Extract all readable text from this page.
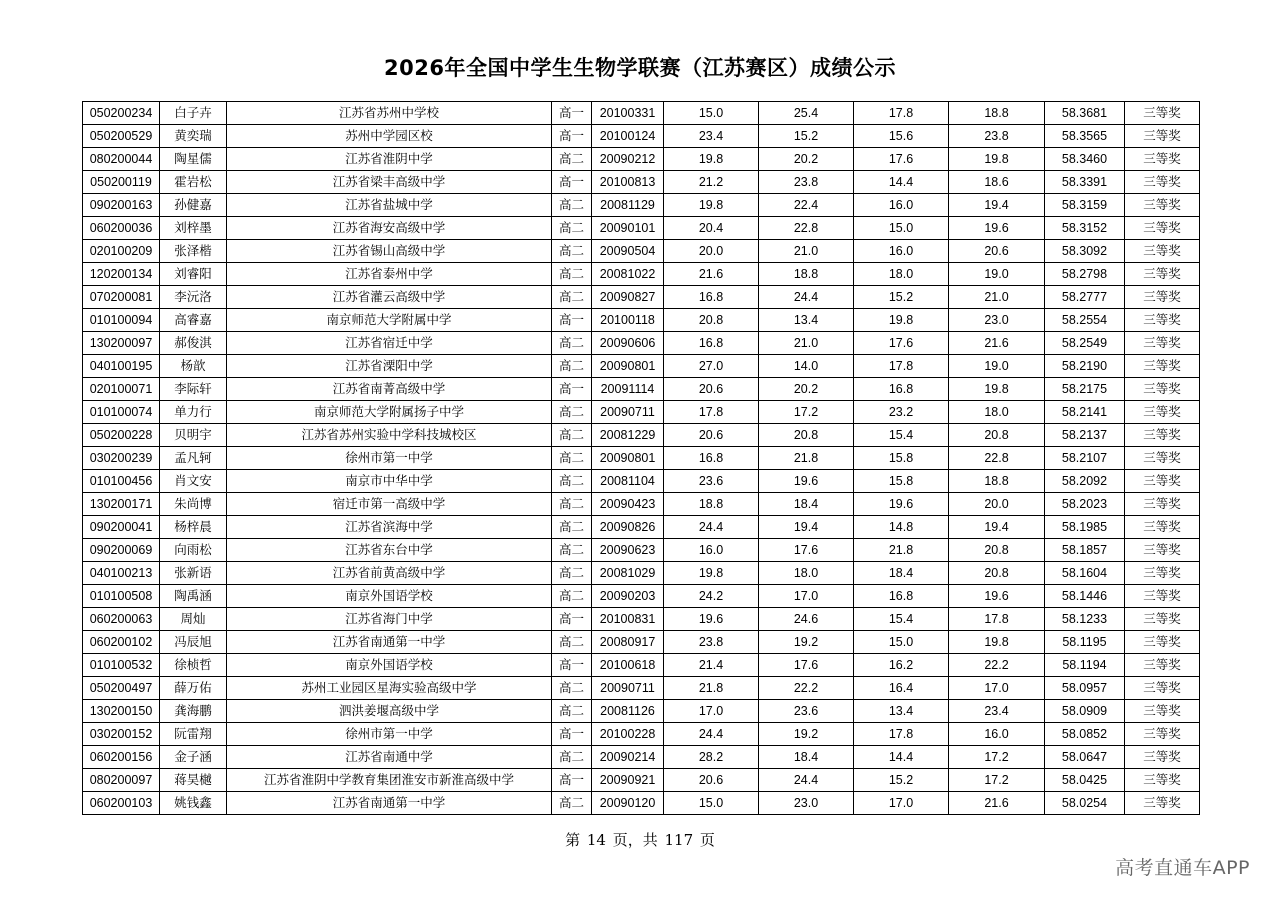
2026年全国中学生生物学联赛（江苏赛区）成绩公示
050200234	白子卉	江苏省苏州中学校	高一	20100331	15.0	25.4	17.8	18.8	58.3681	三等奖
050200529	黄奕瑞	苏州中学园区校	高一	20100124	23.4	15.2	15.6	23.8	58.3565	三等奖
080200044	陶星儒	江苏省淮阴中学	高二	20090212	19.8	20.2	17.6	19.8	58.3460	三等奖
050200119	霍岩松	江苏省梁丰高级中学	高一	20100813	21.2	23.8	14.4	18.6	58.3391	三等奖
090200163	孙健嘉	江苏省盐城中学	高二	20081129	19.8	22.4	16.0	19.4	58.3159	三等奖
060200036	刘梓墨	江苏省海安高级中学	高二	20090101	20.4	22.8	15.0	19.6	58.3152	三等奖
020100209	张泽楷	江苏省锡山高级中学	高二	20090504	20.0	21.0	16.0	20.6	58.3092	三等奖
120200134	刘睿阳	江苏省泰州中学	高二	20081022	21.6	18.8	18.0	19.0	58.2798	三等奖
070200081	李沅洛	江苏省灌云高级中学	高二	20090827	16.8	24.4	15.2	21.0	58.2777	三等奖
010100094	高睿嘉	南京师范大学附属中学	高一	20100118	20.8	13.4	19.8	23.0	58.2554	三等奖
130200097	郝俊淇	江苏省宿迁中学	高二	20090606	16.8	21.0	17.6	21.6	58.2549	三等奖
040100195	杨歆	江苏省溧阳中学	高二	20090801	27.0	14.0	17.8	19.0	58.2190	三等奖
020100071	李际轩	江苏省南菁高级中学	高一	20091114	20.6	20.2	16.8	19.8	58.2175	三等奖
010100074	单力行	南京师范大学附属扬子中学	高二	20090711	17.8	17.2	23.2	18.0	58.2141	三等奖
050200228	贝明宇	江苏省苏州实验中学科技城校区	高二	20081229	20.6	20.8	15.4	20.8	58.2137	三等奖
030200239	孟凡轲	徐州市第一中学	高二	20090801	16.8	21.8	15.8	22.8	58.2107	三等奖
010100456	肖文安	南京市中华中学	高二	20081104	23.6	19.6	15.8	18.8	58.2092	三等奖
130200171	朱尚博	宿迁市第一高级中学	高二	20090423	18.8	18.4	19.6	20.0	58.2023	三等奖
090200041	杨梓晨	江苏省滨海中学	高二	20090826	24.4	19.4	14.8	19.4	58.1985	三等奖
090200069	向雨松	江苏省东台中学	高二	20090623	16.0	17.6	21.8	20.8	58.1857	三等奖
040100213	张新语	江苏省前黄高级中学	高二	20081029	19.8	18.0	18.4	20.8	58.1604	三等奖
010100508	陶禹涵	南京外国语学校	高二	20090203	24.2	17.0	16.8	19.6	58.1446	三等奖
060200063	周灿	江苏省海门中学	高一	20100831	19.6	24.6	15.4	17.8	58.1233	三等奖
060200102	冯辰旭	江苏省南通第一中学	高二	20080917	23.8	19.2	15.0	19.8	58.1195	三等奖
010100532	徐桢哲	南京外国语学校	高一	20100618	21.4	17.6	16.2	22.2	58.1194	三等奖
050200497	薛万佑	苏州工业园区星海实验高级中学	高二	20090711	21.8	22.2	16.4	17.0	58.0957	三等奖
130200150	龚海鹏	泗洪姜堰高级中学	高二	20081126	17.0	23.6	13.4	23.4	58.0909	三等奖
030200152	阮雷翔	徐州市第一中学	高一	20100228	24.4	19.2	17.8	16.0	58.0852	三等奖
060200156	金子涵	江苏省南通中学	高二	20090214	28.2	18.4	14.4	17.2	58.0647	三等奖
080200097	蒋昊樾	江苏省淮阴中学教育集团淮安市新淮高级中学	高一	20090921	20.6	24.4	15.2	17.2	58.0425	三等奖
060200103	姚钱鑫	江苏省南通第一中学	高二	20090120	15.0	23.0	17.0	21.6	58.0254	三等奖
第 14 页，共 117 页
高考直通车APP
